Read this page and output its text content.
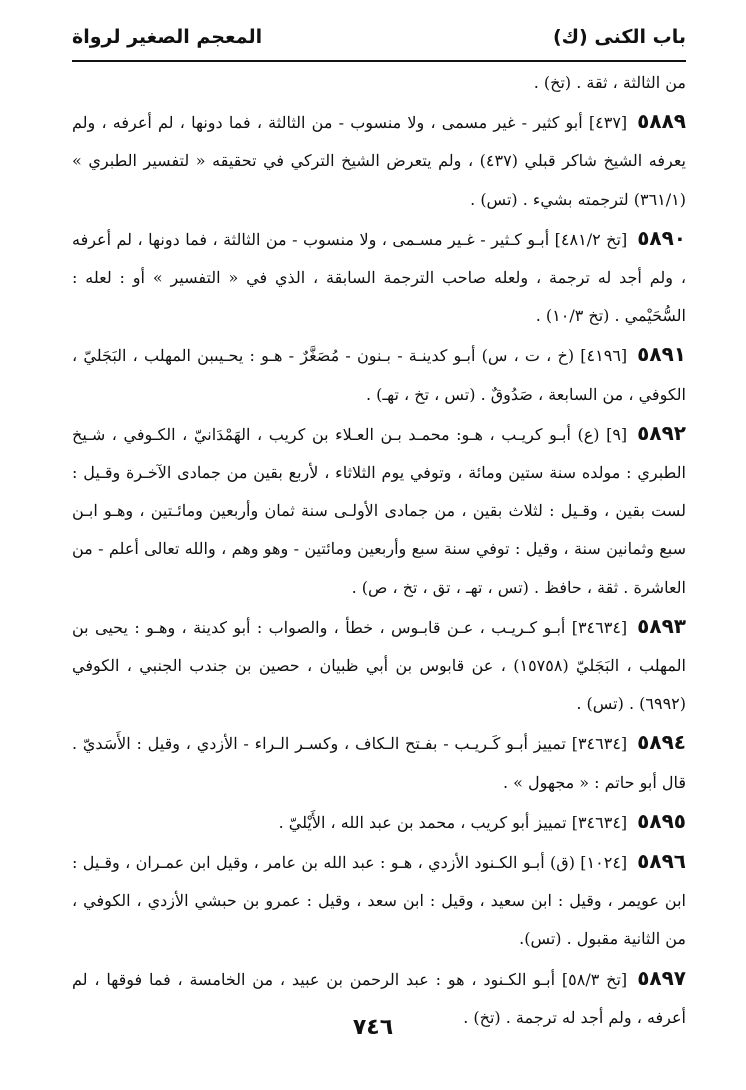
باب الكنى (ك)
المعجم الصغير لرواة

من الثالثة ، ثقة . (تخ) .

٥٨٨٩[٤٣٧] أبو كثير - غير مسمى ، ولا منسوب - من الثالثة ، فما دونها ، لم أعرفه ، ولم يعرفه الشيخ شاكر قبلي (٤٣٧) ، ولم يتعرض الشيخ التركي في تحقيقه « لتفسير الطبري » (٣٦١/١) لترجمته بشيء . (تس) .

٥٨٩٠[تخ ٤٨١/٢] أبـو كـثير - غـير مسـمى ، ولا منسوب - من الثالثة ، فما دونها ، لم أعرفه ، ولم أجد له ترجمة ، ولعله صاحب الترجمة السابقة ، الذي في « التفسير » أو : لعله : السُّحَيْمي . (تخ ١٠/٣) .

٥٨٩١[٤١٩٦] (خ ، ت ، س) أبـو كدينـة - بـنون - مُصَغَّرٌ - هـو : يحـيىبن المهلب ، البَجَليّ ، الكوفي ، من السابعة ، صَدُوقٌ . (تس ، تخ ، تهـ) .

٥٨٩٢[٩] (ع) أبـو كريـب ، هـو: محمـد بـن العـلاء بن كريب ، الهَمْدَانيّ ، الكـوفي ، شـيخ الطبري : مولده سنة ستين ومائة ، وتوفي يوم الثلاثاء ، لأربع بقين من جمادى الآخـرة وقـيل : لست بقين ، وقـيل : لثلاث بقين ، من جمادى الأولـى سنة ثمان وأربعين ومائـتين ، وهـو ابـن سبع وثمانين سنة ، وقيل : توفي سنة سبع وأربعين ومائتين - وهو وهم ، والله تعالى أعلم - من العاشرة . ثقة ، حافظ . (تس ، تهـ ، تق ، تخ ، ص) .

٥٨٩٣[٣٤٦٣٤] أبـو كـريـب ، عـن قابـوس ، خطأ ، والصواب : أبو كدينة ، وهـو : يحيى بن المهلب ، البَجَليّ (١٥٧٥٨) ، عن قابوس بن أبي ظبيان ، حصين بن جندب الجنبي ، الكوفي (٦٩٩٢) . (تس) .

٥٨٩٤[٣٤٦٣٤] تمييز أبـو كَـريـب - بفـتح الـكاف ، وكسـر الـراء - الأزدي ، وقيل : الأَسَديّ . قال أبو حاتم : « مجهول » .

٥٨٩٥[٣٤٦٣٤] تمييز أبو كريب ، محمد بن عبد الله ، الأَيْليّ .

٥٨٩٦[١٠٢٤] (ق) أبـو الكـنود الأزدي ، هـو : عبد الله بن عامر ، وقيل ابن عمـران ، وقـيل : ابن عويمر ، وقيل : ابن سعيد ، وقيل : ابن سعد ، وقيل : عمرو بن حبشي الأزدي ، الكوفي ، من الثانية مقبول . (تس).

٥٨٩٧[تخ ٥٨/٣] أبـو الكـنود ، هو : عبد الرحمن بن عبيد ، من الخامسة ، فما فوقها ، لم أعرفه ، ولم أجد له ترجمة . (تخ) .

٧٤٦
